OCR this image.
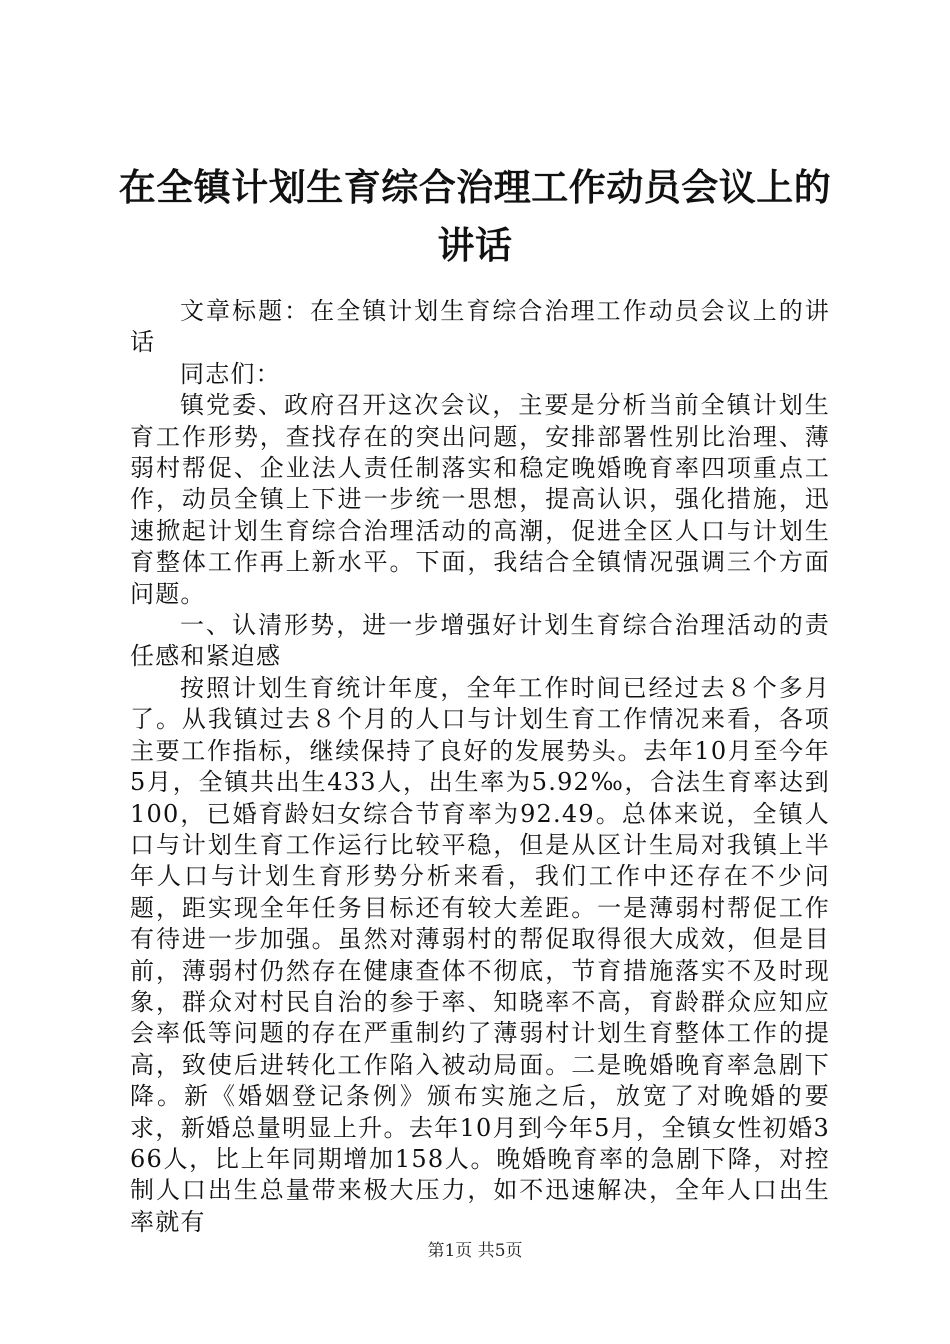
在全镇计划生育综合治理工作动员会议上的讲话

文章标题：在全镇计划生育综合治理工作动员会议上的讲话

同志们：

镇党委、政府召开这次会议，主要是分析当前全镇计划生育工作形势，查找存在的突出问题，安排部署性别比治理、薄弱村帮促、企业法人责任制落实和稳定晚婚晚育率四项重点工作，动员全镇上下进一步统一思想，提高认识，强化措施，迅速掀起计划生育综合治理活动的高潮，促进全区人口与计划生育整体工作再上新水平。下面，我结合全镇情况强调三个方面问题。

一、认清形势，进一步增强好计划生育综合治理活动的责任感和紧迫感

按照计划生育统计年度，全年工作时间已经过去８个多月了。从我镇过去８个月的人口与计划生育工作情况来看，各项主要工作指标，继续保持了良好的发展势头。去年10月至今年5月，全镇共出生433人，出生率为5.92‰，合法生育率达到100，已婚育龄妇女综合节育率为92.49。总体来说，全镇人口与计划生育工作运行比较平稳，但是从区计生局对我镇上半年人口与计划生育形势分析来看，我们工作中还存在不少问题，距实现全年任务目标还有较大差距。一是薄弱村帮促工作有待进一步加强。虽然对薄弱村的帮促取得很大成效，但是目前，薄弱村仍然存在健康查体不彻底，节育措施落实不及时现象，群众对村民自治的参于率、知晓率不高，育龄群众应知应会率低等问题的存在严重制约了薄弱村计划生育整体工作的提高，致使后进转化工作陷入被动局面。二是晚婚晚育率急剧下降。新《婚姻登记条例》颁布实施之后，放宽了对晚婚的要求，新婚总量明显上升。去年10月到今年5月，全镇女性初婚366人，比上年同期增加158人。晚婚晚育率的急剧下降，对控制人口出生总量带来极大压力，如不迅速解决，全年人口出生率就有

第1页 共5页
